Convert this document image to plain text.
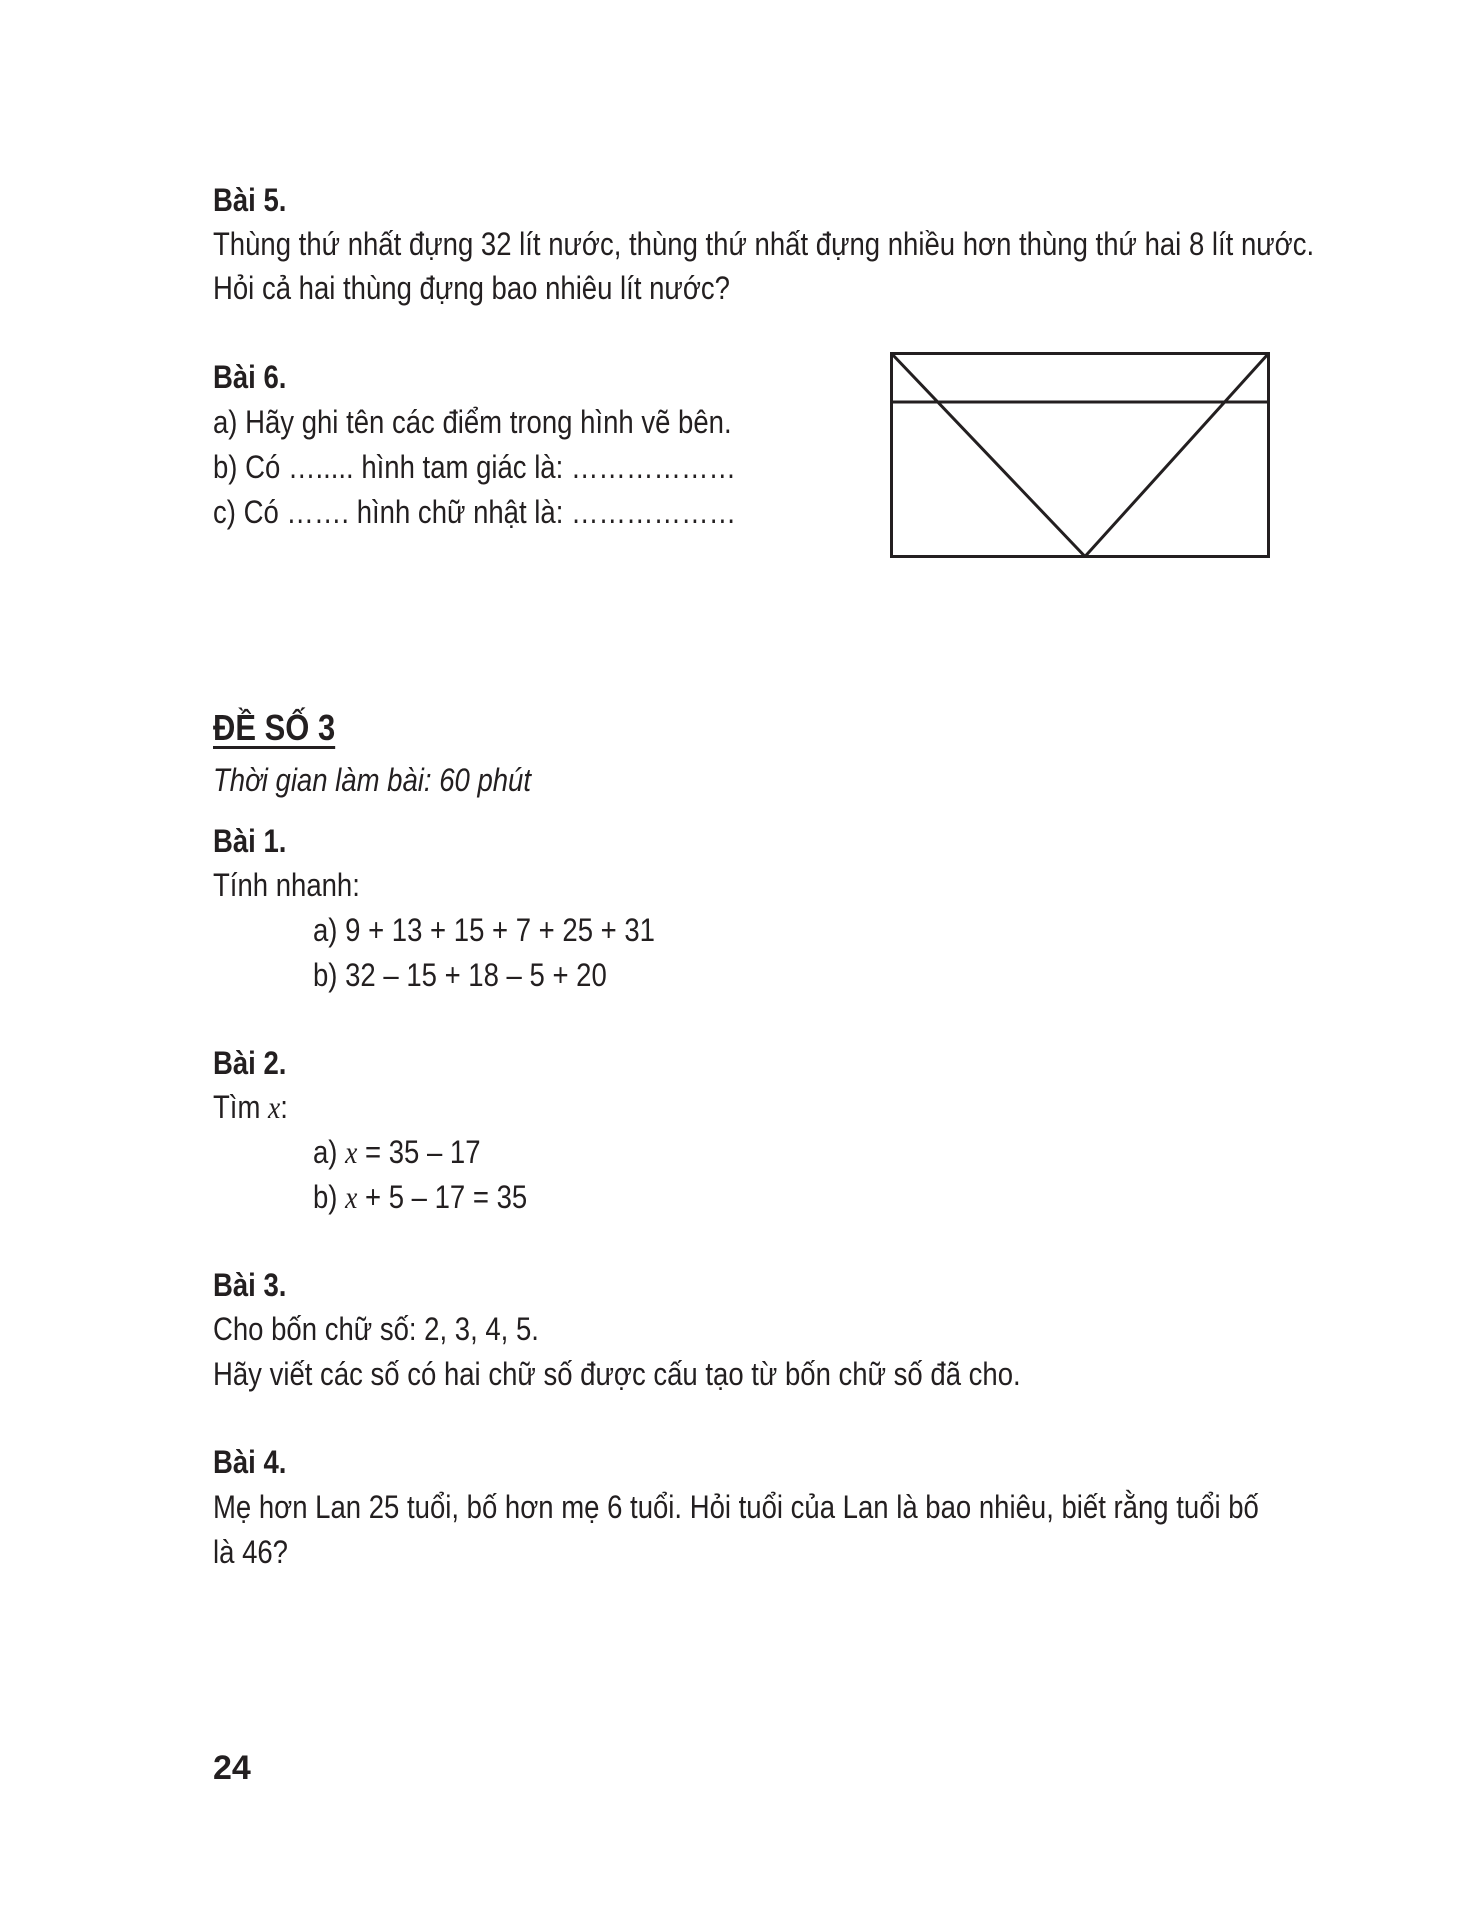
Bài 5.
Thùng thứ nhất đựng 32 lít nước, thùng thứ nhất đựng nhiều hơn thùng thứ hai 8 lít nước.
Hỏi cả hai thùng đựng bao nhiêu lít nước?
Bài 6.
a) Hãy ghi tên các điểm trong hình vẽ bên.
b) Có …..... hình tam giác là: ………………
c) Có ……. hình chữ nhật là: ………………
ĐỀ SỐ 3
Thời gian làm bài: 60 phút
Bài 1.
Tính nhanh:
a) 9 + 13 + 15 + 7 + 25 + 31
b) 32 – 15 + 18 – 5 + 20
Bài 2.
Tìm x:
a) x = 35 – 17
b) x + 5 – 17 = 35
Bài 3.
Cho bốn chữ số: 2, 3, 4, 5.
Hãy viết các số có hai chữ số được cấu tạo từ bốn chữ số đã cho.
Bài 4.
Mẹ hơn Lan 25 tuổi, bố hơn mẹ 6 tuổi. Hỏi tuổi của Lan là bao nhiêu, biết rằng tuổi bố
là 46?
24
